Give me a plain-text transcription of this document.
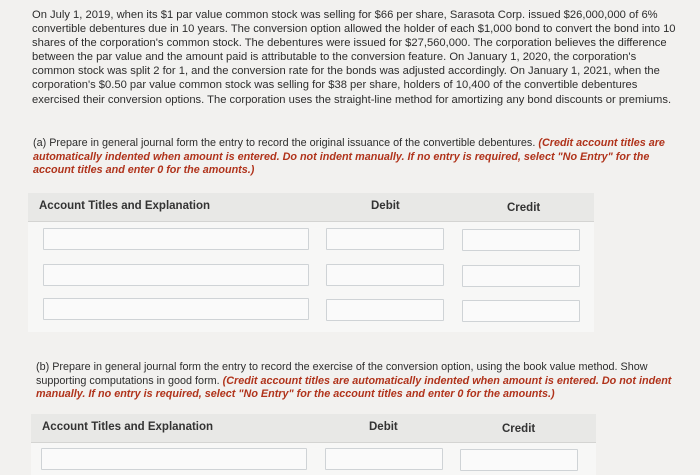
On July 1, 2019, when its $1 par value common stock was selling for $66 per share, Sarasota Corp. issued $26,000,000 of 6% convertible debentures due in 10 years. The conversion option allowed the holder of each $1,000 bond to convert the bond into 10 shares of the corporation's common stock. The debentures were issued for $27,560,000. The corporation believes the difference between the par value and the amount paid is attributable to the conversion feature. On January 1, 2020, the corporation's common stock was split 2 for 1, and the conversion rate for the bonds was adjusted accordingly. On January 1, 2021, when the corporation's $0.50 par value common stock was selling for $38 per share, holders of 10,400 of the convertible debentures exercised their conversion options. The corporation uses the straight-line method for amortizing any bond discounts or premiums.
(a) Prepare in general journal form the entry to record the original issuance of the convertible debentures. (Credit account titles are automatically indented when amount is entered. Do not indent manually. If no entry is required, select "No Entry" for the account titles and enter 0 for the amounts.)
Account Titles and Explanation	Debit	Credit
(b) Prepare in general journal form the entry to record the exercise of the conversion option, using the book value method. Show supporting computations in good form. (Credit account titles are automatically indented when amount is entered. Do not indent manually. If no entry is required, select "No Entry" for the account titles and enter 0 for the amounts.)
Account Titles and Explanation	Debit	Credit
